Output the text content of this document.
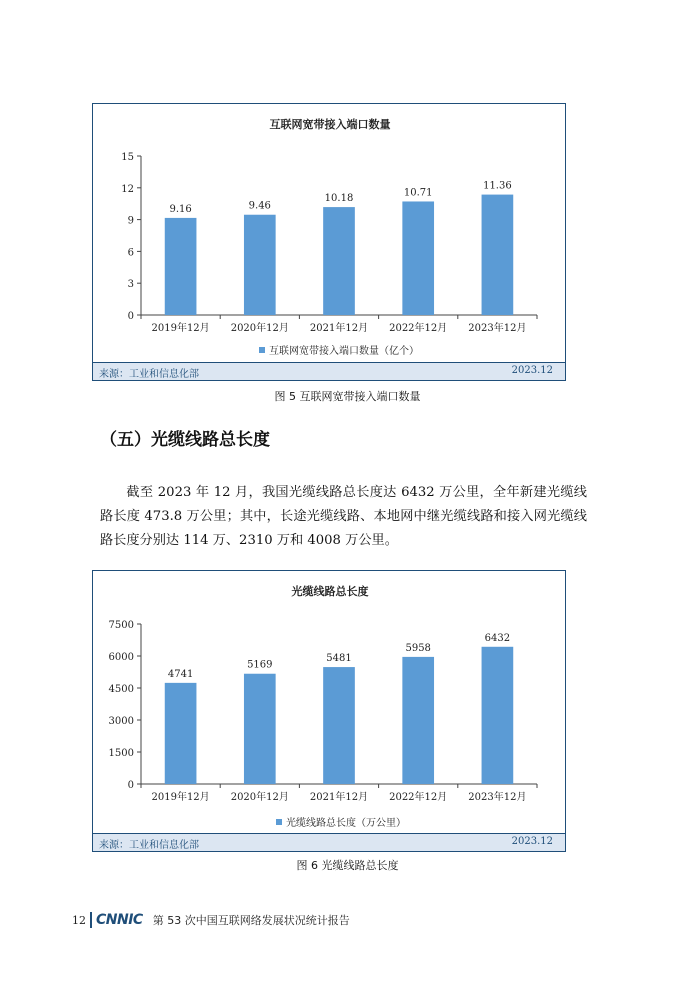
互联网宽带接入端口数量
0
3
6
9
12
15
9.16
2019年12月
9.46
2020年12月
10.18
2021年12月
10.71
2022年12月
11.36
2023年12月
互联网宽带接入端口数量（亿个）
来源：工业和信息化部	2023.12
图 5 互联网宽带接入端口数量
（五）光缆线路总长度

截至 2023 年 12 月，我国光缆线路总长度达 6432 万公里，全年新建光缆线路长度 473.8 万公里；其中，长途光缆线路、本地网中继光缆线路和接入网光缆线路长度分别达 114 万、2310 万和 4008 万公里。

光缆线路总长度
0
1500
3000
4500
6000
7500
4741
2019年12月
5169
2020年12月
5481
2021年12月
5958
2022年12月
6432
2023年12月
光缆线路总长度（万公里）
来源：工业和信息化部	2023.12
图 6 光缆线路总长度
12 CNNIC 第 53 次中国互联网络发展状况统计报告
